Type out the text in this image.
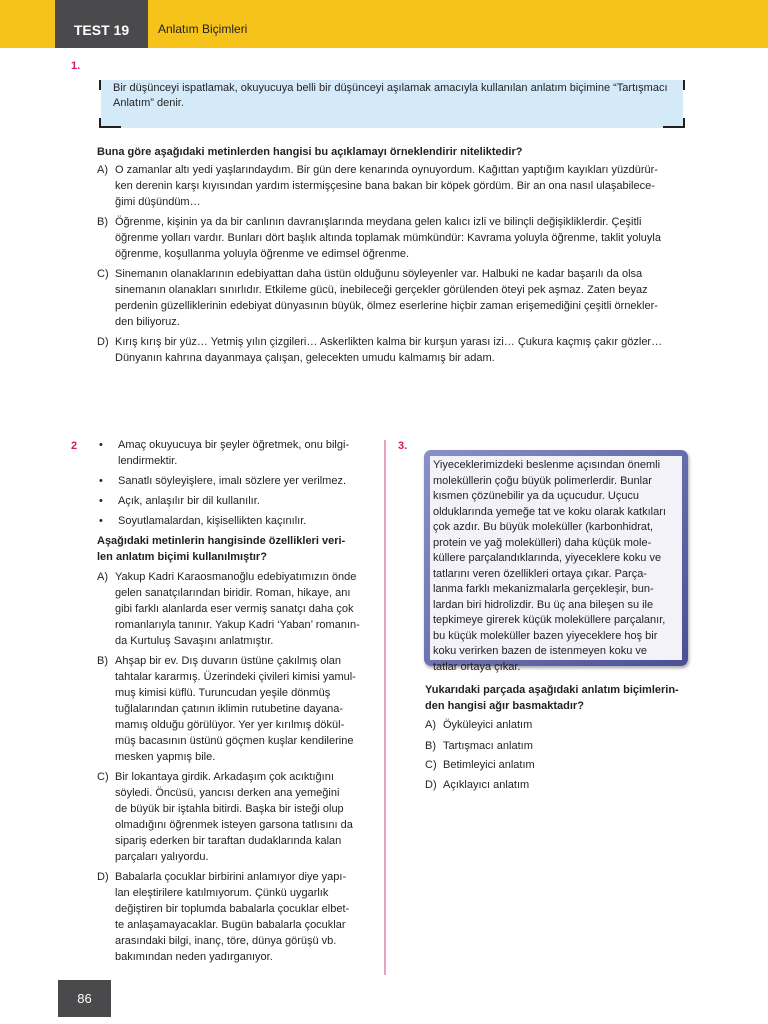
TEST 19	Anlatım Biçimleri
1.

Bir düşünceyi ispatlamak, okuyucuya belli bir düşünceyi aşılamak amacıyla kullanılan anlatım biçimine “Tartışmacı Anlatım” denir.

Buna göre aşağıdaki metinlerden hangisi bu açıklamayı örneklendirir niteliktedir?
A) O zamanlar altı yedi yaşlarındaydım. Bir gün dere kenarında oynuyordum. Kağıttan yaptığım kayıkları yüzdürür-
ken derenin karşı kıyısından yardım istermişçesine bana bakan bir köpek gördüm. Bir an ona nasıl ulaşabilece-
ğimi düşündüm…
B) Öğrenme, kişinin ya da bir canlının davranışlarında meydana gelen kalıcı izli ve bilinçli değişikliklerdir. Çeşitli
öğrenme yolları vardır. Bunları dört başlık altında toplamak mümkündür: Kavrama yoluyla öğrenme, taklit yoluyla
öğrenme, koşullanma yoluyla öğrenme ve edimsel öğrenme.
C) Sinemanın olanaklarının edebiyattan daha üstün olduğunu söyleyenler var. Halbuki ne kadar başarılı da olsa
sinemanın olanakları sınırlıdır. Etkileme gücü, inebileceği gerçekler görülenden öteyi pek aşmaz. Zaten beyaz
perdenin güzelliklerinin edebiyat dünyasının büyük, ölmez eserlerine hiçbir zaman erişemediğini çeşitli örnekler-
den biliyoruz.
D) Kırış kırış bir yüz… Yetmiş yılın çizgileri… Askerlikten kalma bir kurşun yarası izi… Çukura kaçmış çakır gözler…
Dünyanın kahrına dayanmaya çalışan, gelecekten umudu kalmamış bir adam.
2 • Amaç okuyucuya bir şeyler öğretmek, onu bilgi-
lendirmektir.
• Sanatlı söyleyişlere, imalı sözlere yer verilmez.
• Açık, anlaşılır bir dil kullanılır.
• Soyutlamalardan, kişisellikten kaçınılır.
Aşağıdaki metinlerin hangisinde özellikleri veri-
len anlatım biçimi kullanılmıştır?
A) Yakup Kadri Karaosmanoğlu edebiyatımızın önde
gelen sanatçılarından biridir. Roman, hikaye, anı
gibi farklı alanlarda eser vermiş sanatçı daha çok
romanlarıyla tanınır. Yakup Kadri ‘Yaban’ romanın-
da Kurtuluş Savaşını anlatmıştır.
B) Ahşap bir ev. Dış duvarın üstüne çakılmış olan
tahtalar kararmış. Üzerindeki çivileri kimisi yamul-
muş kimisi küflü. Turuncudan yeşile dönmüş
tuğlalarından çatının iklimin rutubetine dayana-
mamış olduğu görülüyor. Yer yer kırılmış dökül-
müş bacasının üstünü göçmen kuşlar kendilerine
mesken yapmış bile.
C) Bir lokantaya girdik. Arkadaşım çok acıktığını
söyledi. Öncüsü, yancısı derken ana yemeğini
de büyük bir iştahla bitirdi. Başka bir isteği olup
olmadığını öğrenmek isteyen garsona tatlısını da
sipariş ederken bir taraftan dudaklarında kalan
parçaları yalıyordu.
D) Babalarla çocuklar birbirini anlamıyor diye yapı-
lan eleştirilere katılmıyorum. Çünkü uygarlık
değiştiren bir toplumda babalarla çocuklar elbet-
te anlaşamayacaklar. Bugün babalarla çocuklar
arasındaki bilgi, inanç, töre, dünya görüşü vb.
bakımından neden yadırganıyor.
3.

Yiyeceklerimizdeki beslenme açısından önemli
moleküllerin çoğu büyük polimerlerdir. Bunlar
kısmen çözünebilir ya da uçucudur. Uçucu
olduklarında yemeğe tat ve koku olarak katkıları
çok azdır. Bu büyük moleküller (karbonhidrat,
protein ve yağ molekülleri) daha küçük mole-
küllere parçalandıklarında, yiyeceklere koku ve
tatlarını veren özellikleri ortaya çıkar. Parça-
lanma farklı mekanizmalarla gerçekleşir, bun-
lardan biri hidrolizdir. Bu üç ana bileşen su ile
tepkimeye girerek küçük moleküllere parçalanır,
bu küçük moleküller bazen yiyeceklere hoş bir
koku verirken bazen de istenmeyen koku ve
tatlar ortaya çıkar.

Yukarıdaki parçada aşağıdaki anlatım biçimlerin-
den hangisi ağır basmaktadır?
A) Öyküleyici anlatım
B) Tartışmacı anlatım
C) Betimleyici anlatım
D) Açıklayıcı anlatım
86
